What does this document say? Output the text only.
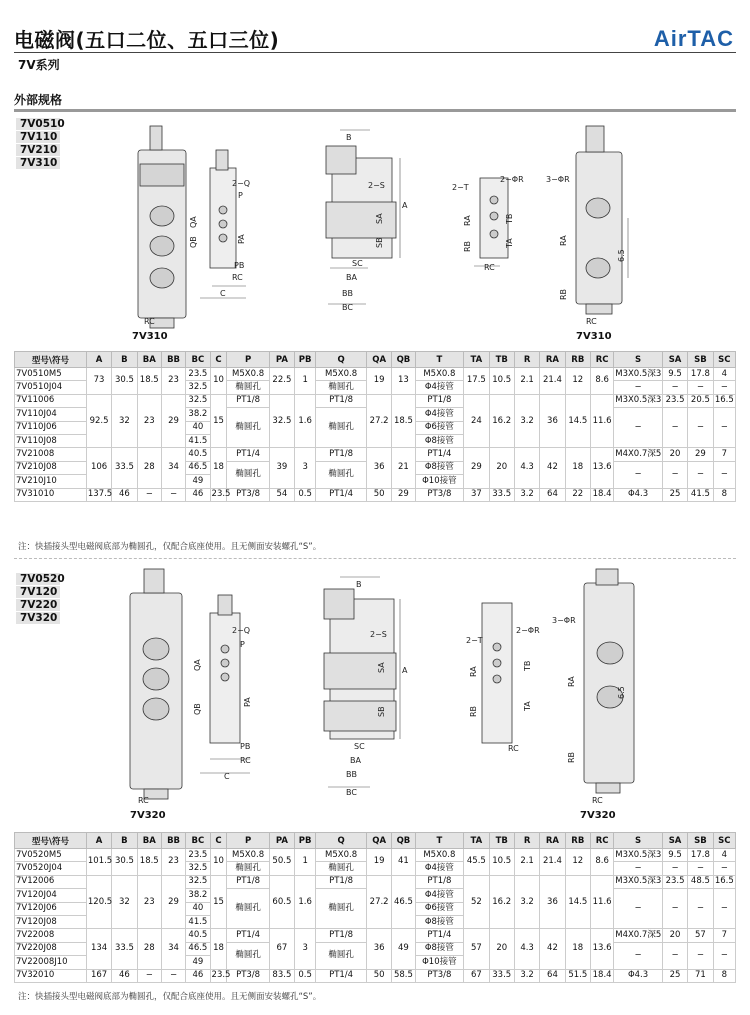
电磁阀(五口二位、五口三位)	AirTAC
7V系列
外部规格
7V0510
7V110
7V210
7V310
2−Q
P
QA
QB	PA
PB
RC
C
RC
B
2−S
A
SA
SB
SC
BA
BB
BC
2−T
2−ΦR
RA
RB
TB
TA
RC
3−ΦR
RA
RB
6.5
RC
7V310	7V310
型号\符号	A	B	BA	BB	BC	C	P	PA	PB	Q	QA	QB	T	TA	TB	R	RA	RB	RC	S	SA	SB	SC
7V0510M5	73	30.5	18.5	23	23.5	10	M5X0.8	22.5	1	M5X0.8	19	13	M5X0.8	17.5	10.5	2.1	21.4	12	8.6	M3X0.5深3	9.5	17.8	4
7V0510J04					32.5		椭圆孔			椭圆孔			Φ4接管							−	−	−	−
7V11006	92.5	32	23	29	32.5	15	PT1/8	32.5	1.6	PT1/8	27.2	18.5	PT1/8	24	16.2	3.2	36	14.5	11.6	M3X0.5深3	23.5	20.5	16.5
7V110J04					38.2		椭圆孔			椭圆孔			Φ4接管							−	−	−	−
7V110J06					40								Φ6接管										
7V110J08					41.5								Φ8接管										
7V21008	106	33.5	28	34	40.5	18	PT1/4	39	3	PT1/8	36	21	PT1/4	29	20	4.3	42	18	13.6	M4X0.7深5	20	29	7
7V210J08					46.5		椭圆孔			椭圆孔			Φ8接管							−	−	−	−
7V210J10					49								Φ10接管										
7V31010	137.5	46	−	−	46	23.5	PT3/8	54	0.5	PT1/4	50	29	PT3/8	37	33.5	3.2	64	22	18.4	Φ4.3	25	41.5	8
注：快插接头型电磁阀底部为椭圆孔，仅配合底座使用。且无侧面安装螺孔“S”。
7V0520
7V120
7V220
7V320
2−Q
P
QA
QB
PA
PB
RC
C
RC
B
2−S
A
SA
SB
SC
BA
BB
BC
2−T
2−ΦR
RA
RB
TB
TA
RC
3−ΦR
RA
RB
6.5
RC
7V320	7V320
型号\符号	A	B	BA	BB	BC	C	P	PA	PB	Q	QA	QB	T	TA	TB	R	RA	RB	RC	S	SA	SB	SC
7V0520M5	101.5	30.5	18.5	23	23.5	10	M5X0.8	50.5	1	M5X0.8	19	41	M5X0.8	45.5	10.5	2.1	21.4	12	8.6	M3X0.5深3	9.5	17.8	4
7V0520J04					32.5		椭圆孔			椭圆孔			Φ4接管							−	−	−	−
7V12006	120.5	32	23	29	32.5	15	PT1/8	60.5	1.6	PT1/8	27.2	46.5	PT1/8	52	16.2	3.2	36	14.5	11.6	M3X0.5深3	23.5	48.5	16.5
7V120J04					38.2		椭圆孔			椭圆孔			Φ4接管							−	−	−	−
7V120J06					40								Φ6接管										
7V120J08					41.5								Φ8接管										
7V22008	134	33.5	28	34	40.5	18	PT1/4	67	3	PT1/8	36	49	PT1/4	57	20	4.3	42	18	13.6	M4X0.7深5	20	57	7
7V220J08					46.5		椭圆孔			椭圆孔			Φ8接管							−	−	−	−
7V22008J10					49								Φ10接管										
7V32010	167	46	−	−	46	23.5	PT3/8	83.5	0.5	PT1/4	50	58.5	PT3/8	67	33.5	3.2	64	51.5	18.4	Φ4.3	25	71	8
注：快插接头型电磁阀底部为椭圆孔，仅配合底座使用。且无侧面安装螺孔“S”。
